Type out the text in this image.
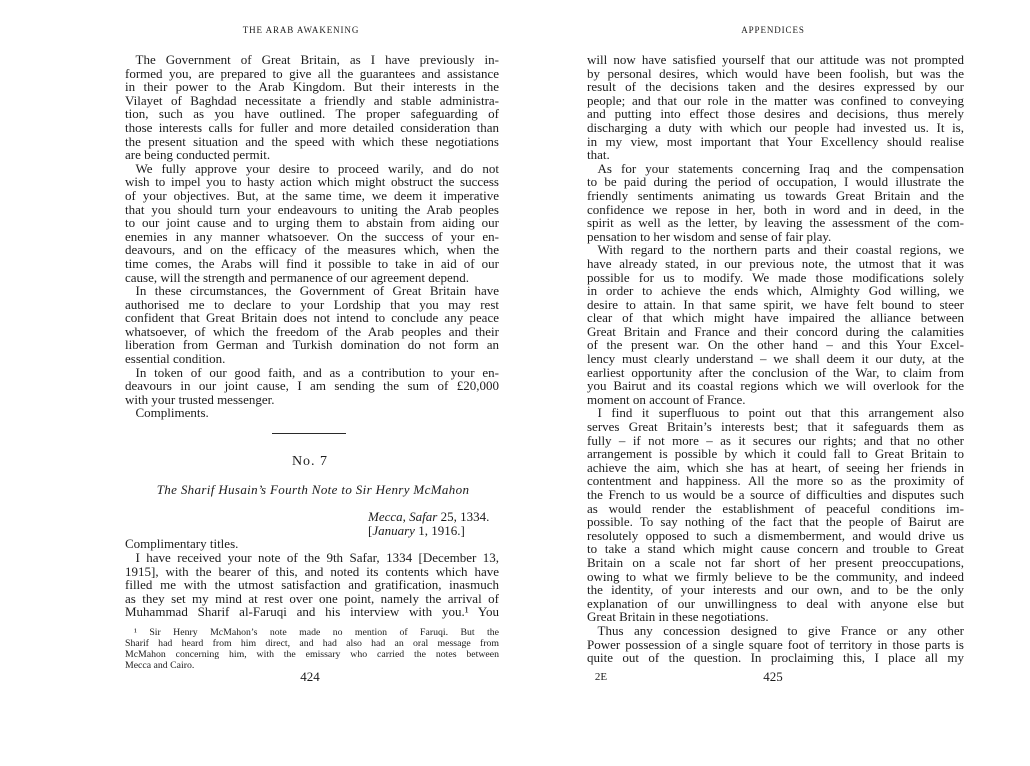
THE ARAB AWAKENING
The Government of Great Britain, as I have previously in-
formed you, are prepared to give all the guarantees and assistance
in their power to the Arab Kingdom. But their interests in the
Vilayet of Baghdad necessitate a friendly and stable administra-
tion, such as you have outlined. The proper safeguarding of
those interests calls for fuller and more detailed consideration than
the present situation and the speed with which these negotiations
are being conducted permit.
We fully approve your desire to proceed warily, and do not
wish to impel you to hasty action which might obstruct the success
of your objectives. But, at the same time, we deem it imperative
that you should turn your endeavours to uniting the Arab peoples
to our joint cause and to urging them to abstain from aiding our
enemies in any manner whatsoever. On the success of your en-
deavours, and on the efficacy of the measures which, when the
time comes, the Arabs will find it possible to take in aid of our
cause, will the strength and permanence of our agreement depend.
In these circumstances, the Government of Great Britain have
authorised me to declare to your Lordship that you may rest
confident that Great Britain does not intend to conclude any peace
whatsoever, of which the freedom of the Arab peoples and their
liberation from German and Turkish domination do not form an
essential condition.
In token of our good faith, and as a contribution to your en-
deavours in our joint cause, I am sending the sum of £20,000
with your trusted messenger.
Compliments.
No. 7
The Sharif Husain’s Fourth Note to Sir Henry McMahon
Mecca, Safar 25, 1334.
[January 1, 1916.]
Complimentary titles.
I have received your note of the 9th Safar, 1334 [December 13,
1915], with the bearer of this, and noted its contents which have
filled me with the utmost satisfaction and gratification, inasmuch
as they set my mind at rest over one point, namely the arrival of
Muhammad Sharif al-Faruqi and his interview with you.¹ You
¹ Sir Henry McMahon’s note made no mention of Faruqi. But the
Sharif had heard from him direct, and had also had an oral message from
McMahon concerning him, with the emissary who carried the notes between
Mecca and Cairo.
424
APPENDICES
will now have satisfied yourself that our attitude was not prompted
by personal desires, which would have been foolish, but was the
result of the decisions taken and the desires expressed by our
people; and that our role in the matter was confined to conveying
and putting into effect those desires and decisions, thus merely
discharging a duty with which our people had invested us. It is,
in my view, most important that Your Excellency should realise
that.
As for your statements concerning Iraq and the compensation
to be paid during the period of occupation, I would illustrate the
friendly sentiments animating us towards Great Britain and the
confidence we repose in her, both in word and in deed, in the
spirit as well as the letter, by leaving the assessment of the com-
pensation to her wisdom and sense of fair play.
With regard to the northern parts and their coastal regions, we
have already stated, in our previous note, the utmost that it was
possible for us to modify. We made those modifications solely
in order to achieve the ends which, Almighty God willing, we
desire to attain. In that same spirit, we have felt bound to steer
clear of that which might have impaired the alliance between
Great Britain and France and their concord during the calamities
of the present war. On the other hand – and this Your Excel-
lency must clearly understand – we shall deem it our duty, at the
earliest opportunity after the conclusion of the War, to claim from
you Bairut and its coastal regions which we will overlook for the
moment on account of France.
I find it superfluous to point out that this arrangement also
serves Great Britain’s interests best; that it safeguards them as
fully – if not more – as it secures our rights; and that no other
arrangement is possible by which it could fall to Great Britain to
achieve the aim, which she has at heart, of seeing her friends in
contentment and happiness. All the more so as the proximity of
the French to us would be a source of difficulties and disputes such
as would render the establishment of peaceful conditions im-
possible. To say nothing of the fact that the people of Bairut are
resolutely opposed to such a dismemberment, and would drive us
to take a stand which might cause concern and trouble to Great
Britain on a scale not far short of her present preoccupations,
owing to what we firmly believe to be the community, and indeed
the identity, of your interests and our own, and to be the only
explanation of our unwillingness to deal with anyone else but
Great Britain in these negotiations.
Thus any concession designed to give France or any other
Power possession of a single square foot of territory in those parts is
quite out of the question. In proclaiming this, I place all my
2E	425
